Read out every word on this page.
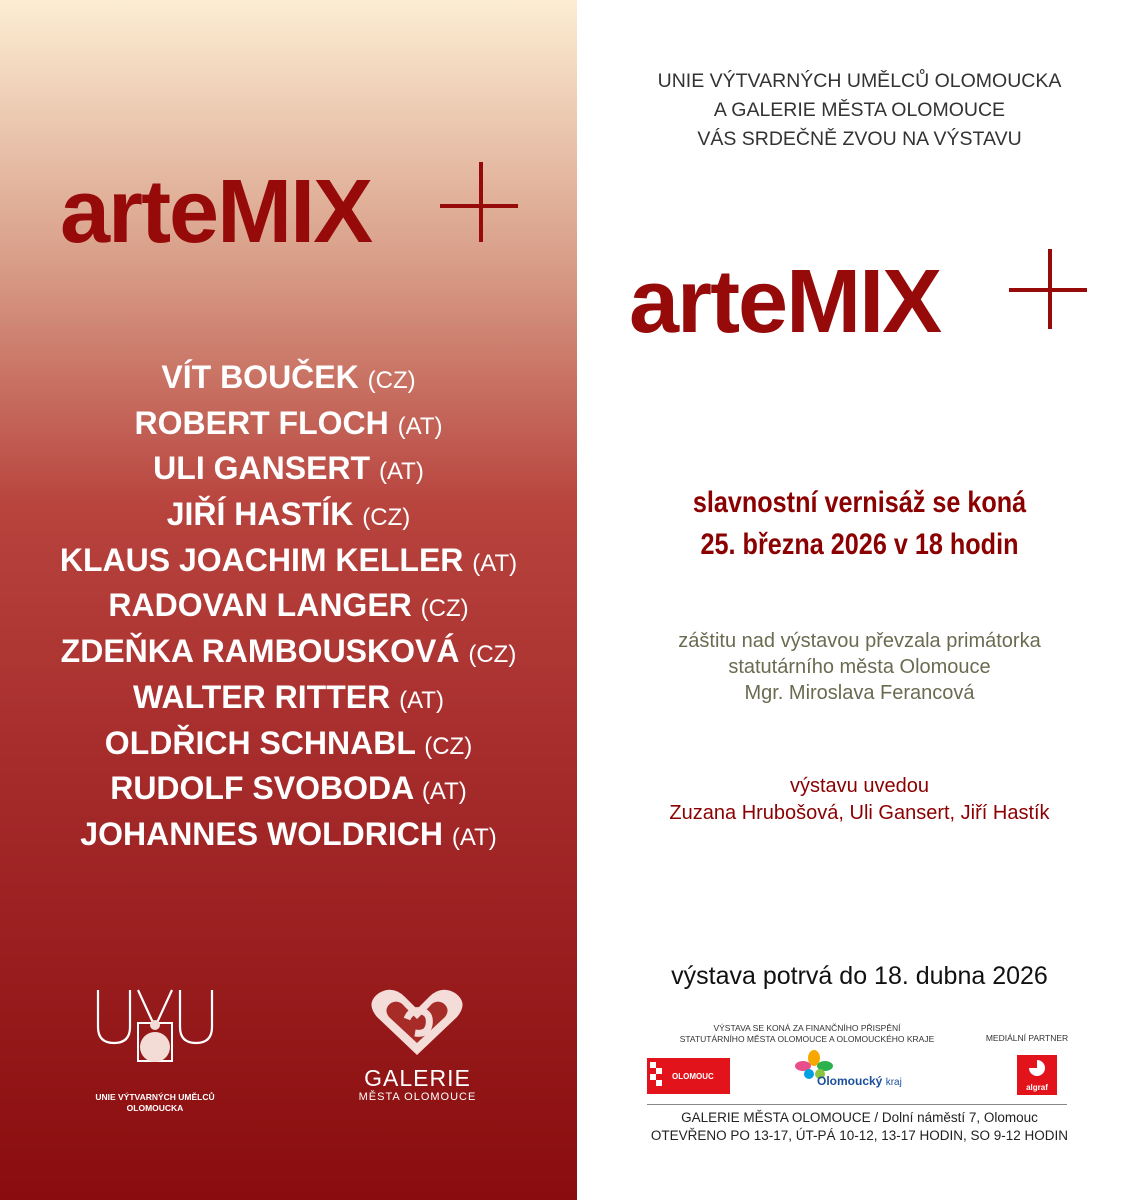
arteMIX
VÍT BOUČEK (CZ)
ROBERT FLOCH (AT)
ULI GANSERT (AT)
JIŘÍ HASTÍK (CZ)
KLAUS JOACHIM KELLER (AT)
RADOVAN LANGER (CZ)
ZDEŇKA RAMBOUSKOVÁ (CZ)
WALTER RITTER (AT)
OLDŘICH SCHNABL (CZ)
RUDOLF SVOBODA (AT)
JOHANNES WOLDRICH (AT)
UNIE VÝTVARNÝCH UMĚLCŮ
OLOMOUCKA
GALERIE
MĚSTA OLOMOUCE
UNIE VÝTVARNÝCH UMĚLCŮ OLOMOUCKA
A GALERIE MĚSTA OLOMOUCE
VÁS SRDEČNĚ ZVOU NA VÝSTAVU
arteMIX
slavnostní vernisáž se koná
25. března 2026 v 18 hodin
záštitu nad výstavou převzala primátorka
statutárního města Olomouce
Mgr. Miroslava Ferancová
výstavu uvedou
Zuzana Hrubošová, Uli Gansert, Jiří Hastík
výstava potrvá do 18. dubna 2026
VÝSTAVA SE KONÁ ZA FINANČNÍHO PŘISPĚNÍ
STATUTÁRNÍHO MĚSTA OLOMOUCE A OLOMOUCKÉHO KRAJE	MEDIÁLNÍ PARTNER
OLOMOUC	Olomoucký kraj	algraf
GALERIE MĚSTA OLOMOUCE / Dolní náměstí 7, Olomouc
OTEVŘENO PO 13-17, ÚT-PÁ 10-12, 13-17 HODIN, SO 9-12 HODIN
